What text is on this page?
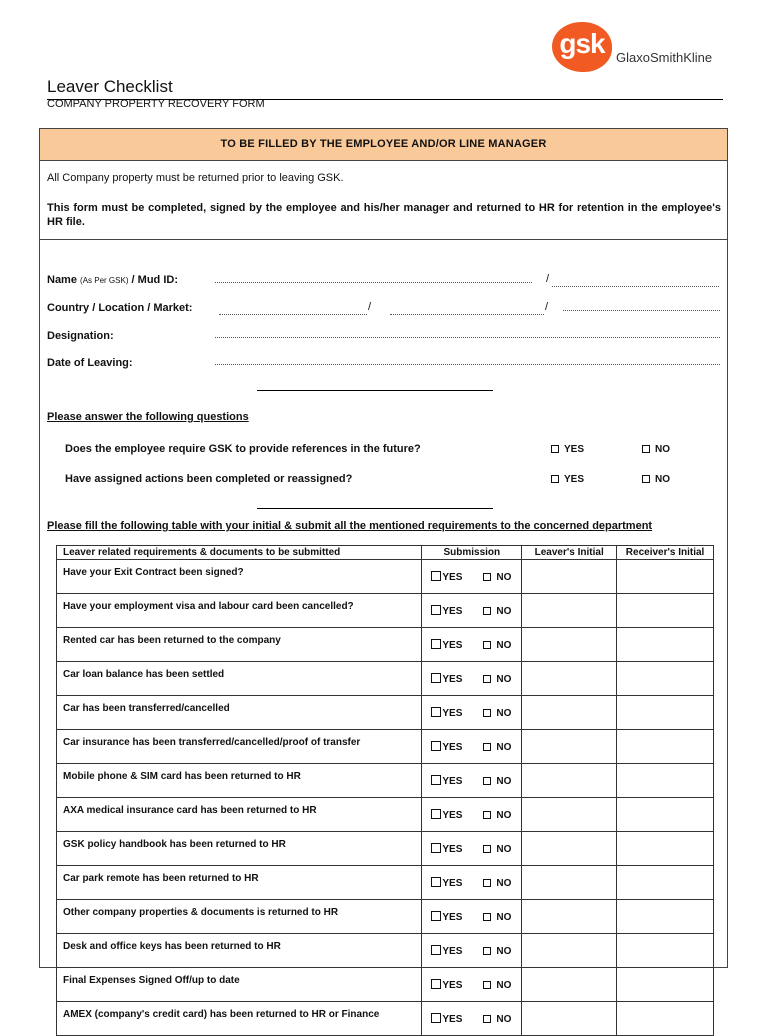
gsk GlaxoSmithKline
Leaver Checklist
COMPANY PROPERTY RECOVERY FORM
TO BE FILLED BY THE EMPLOYEE AND/OR LINE MANAGER
All Company property must be returned prior to leaving GSK.
This form must be completed, signed by the employee and his/her manager and returned to HR for retention in the employee's HR file.
Name (As Per GSK) / Mud ID:	/
Country / Location / Market:	/	/
Designation:
Date of Leaving:
Please answer the following questions
Does the employee require GSK to provide references in the future?	YES	NO
Have assigned actions been completed or reassigned?	YES	NO
Please fill the following table with your initial & submit all the mentioned requirements to the concerned department
Leaver related requirements & documents to be submitted	Submission	Leaver's Initial	Receiver's Initial
Have your Exit Contract been signed?	YES NO		
Have your employment visa and labour card been cancelled?	YES NO		
Rented car has been returned to the company	YES NO		
Car loan balance has been settled	YES NO		
Car has been transferred/cancelled	YES NO		
Car insurance has been transferred/cancelled/proof of transfer	YES NO		
Mobile phone & SIM card has been returned to HR	YES NO		
AXA medical insurance card has been returned to HR	YES NO		
GSK policy handbook has been returned to HR	YES NO		
Car park remote has been returned to HR	YES NO		
Other company properties & documents is returned to HR	YES NO		
Desk and office keys has been returned to HR	YES NO		
Final Expenses Signed Off/up to date	YES NO		
AMEX (company's credit card) has been returned to HR or Finance	YES NO		
